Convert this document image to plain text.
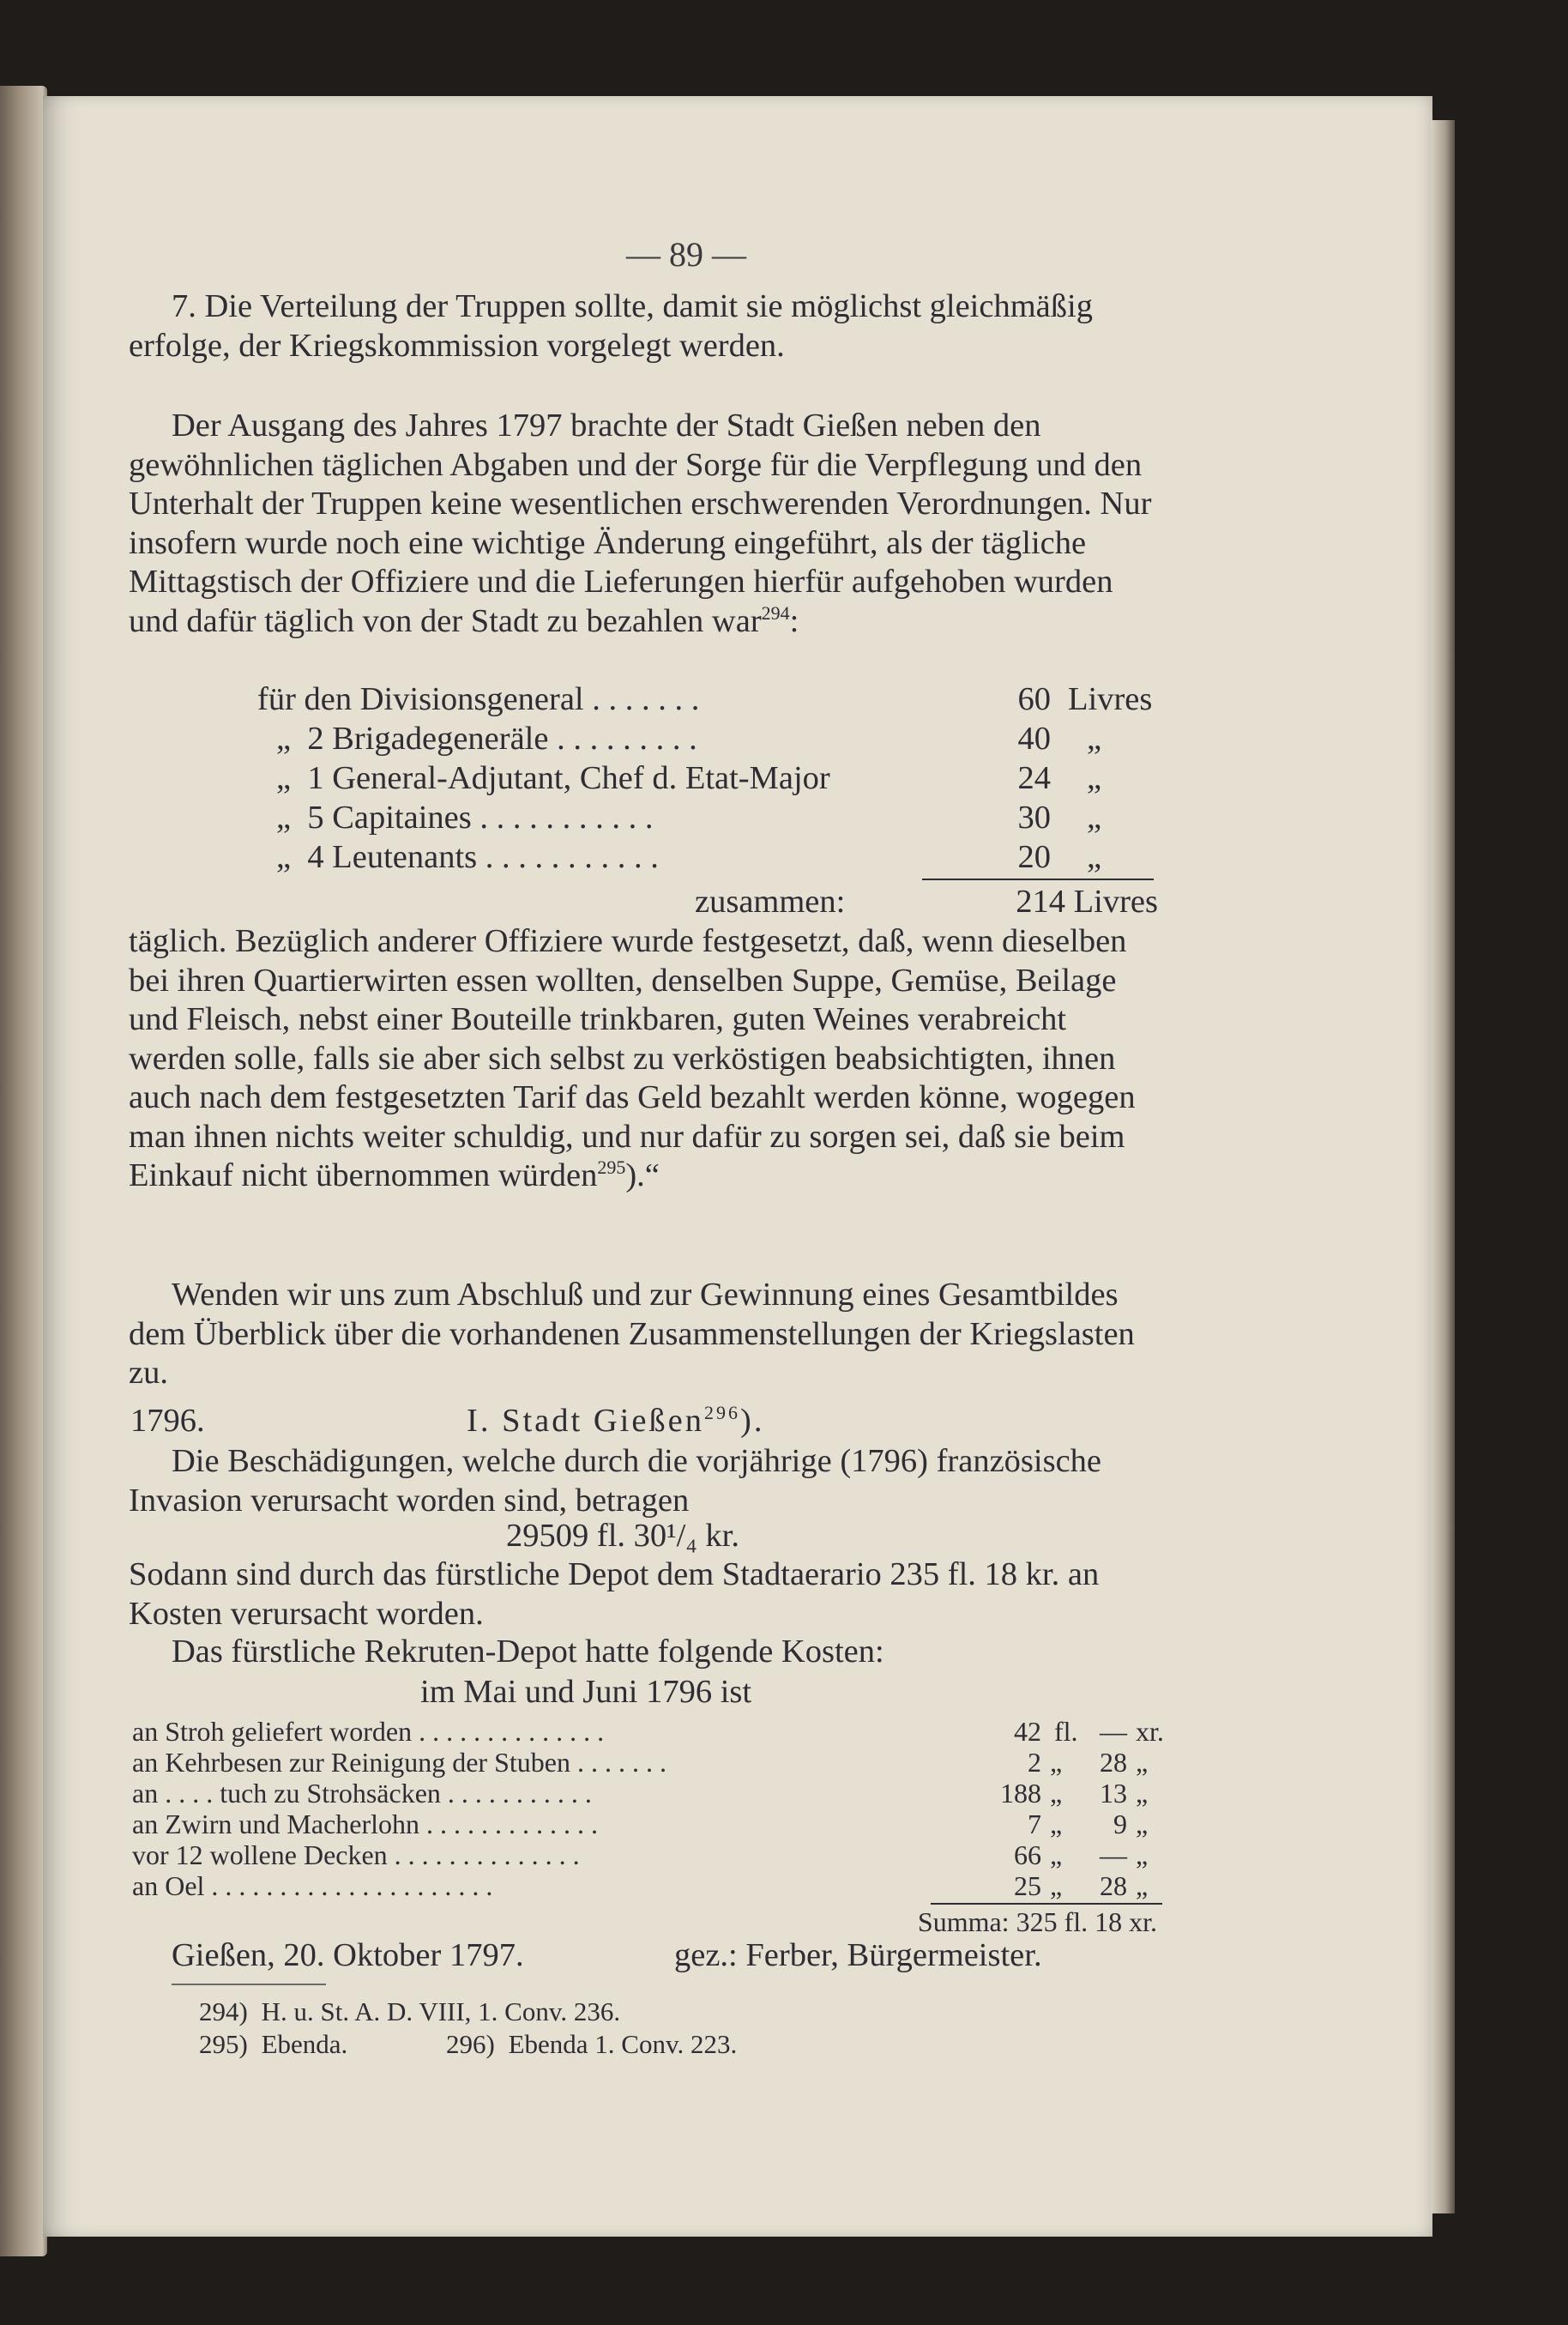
— 89 —

7. Die Verteilung der Truppen sollte, damit sie möglichst gleichmäßig erfolge, der Kriegskommission vorgelegt werden.

Der Ausgang des Jahres 1797 brachte der Stadt Gießen neben den gewöhnlichen täglichen Abgaben und der Sorge für die Verpflegung und den Unterhalt der Truppen keine wesentlichen erschwerenden Verordnungen. Nur insofern wurde noch eine wichtige Änderung eingeführt, als der tägliche Mittagstisch der Offiziere und die Lieferungen hierfür aufgehoben wurden und dafür täglich von der Stadt zu bezahlen war$^{294}$:

für den Divisionsgeneral . . . . . . .	60 Livres
„  2 Brigadegeneräle . . . . . . . . .	40 „
„  1 General-Adjutant, Chef d. Etat-Major	24 „
„  5 Capitaines . . . . . . . . . . .	30 „
„  4 Leutenants . . . . . . . . . . .	20 „
zusammen:	214 Livres

täglich. Bezüglich anderer Offiziere wurde festgesetzt, daß, wenn dieselben bei ihren Quartierwirten essen wollten, denselben Suppe, Gemüse, Beilage und Fleisch, nebst einer Bouteille trinkbaren, guten Weines verabreicht werden solle, falls sie aber sich selbst zu verköstigen beabsichtigten, ihnen auch nach dem festgesetzten Tarif das Geld bezahlt werden könne, wogegen man ihnen nichts weiter schuldig, und nur dafür zu sorgen sei, daß sie beim Einkauf nicht übernommen würden$^{295}$).“

Wenden wir uns zum Abschluß und zur Gewinnung eines Gesamtbildes dem Überblick über die vorhandenen Zusammenstellungen der Kriegslasten zu.

1796.	I. Stadt Gießen$^{296}$).

Die Beschädigungen, welche durch die vorjährige (1796) französische Invasion verursacht worden sind, betragen

29509 fl. 30¹/₄ kr.

Sodann sind durch das fürstliche Depot dem Stadtaerario 235 fl. 18 kr. an Kosten verursacht worden.

Das fürstliche Rekruten-Depot hatte folgende Kosten:

im Mai und Juni 1796 ist
an Stroh geliefert worden . . . . . . . . . . . . . .	42 fl. — xr.
an Kehrbesen zur Reinigung der Stuben . . . . . . .	2 „	28 „
an . . . . tuch zu Strohsäcken . . . . . . . . . . .	188 „	13 „
an Zwirn und Macherlohn . . . . . . . . . . . . .	7 „	9 „
vor 12 wollene Decken . . . . . . . . . . . . . .	66 „	— „
an Oel . . . . . . . . . . . . . . . . . . . . .	25 „	28 „
Summa: 325 fl. 18 xr.
Gießen, 20. Oktober 1797.	gez.: Ferber, Bürgermeister.
294) H. u. St. A. D. VIII, 1. Conv. 236.
295) Ebenda.	296) Ebenda 1. Conv. 223.
